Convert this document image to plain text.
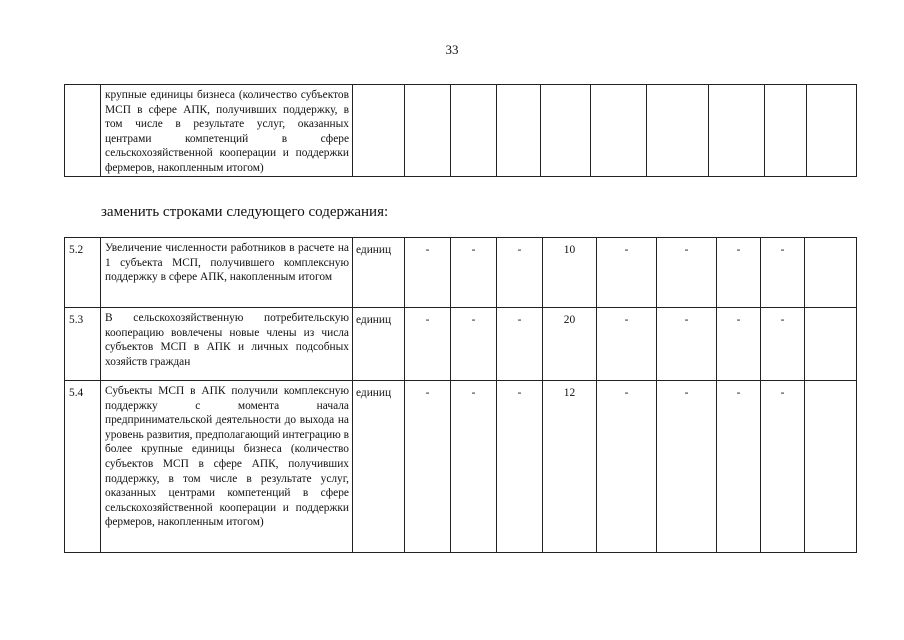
33
	крупные единицы бизнеса (количество субъектов МСП в сфере АПК, получивших поддержку, в том числе в результате услуг, оказанных центрами компетенций в сфере сельскохозяйственной кооперации и поддержки фермеров, накопленным итогом)										
заменить строками следующего содержания:
5.2	Увеличение численности работников в расчете на 1 субъекта МСП, получившего комплексную поддержку в сфере АПК, накопленным итогом	единиц	-	-	-	10	-	-	-	-	
5.3	В сельскохозяйственную потребительскую кооперацию вовлечены новые члены из числа субъектов МСП в АПК и личных подсобных хозяйств граждан	единиц	-	-	-	20	-	-	-	-	
5.4	Субъекты МСП в АПК получили комплексную поддержку с момента начала предпринимательской деятельности до выхода на уровень развития, предполагающий интеграцию в более крупные единицы бизнеса (количество субъектов МСП в сфере АПК, получивших поддержку, в том числе в результате услуг, оказанных центрами компетенций в сфере сельскохозяйственной кооперации и поддержки фермеров, накопленным итогом)	единиц	-	-	-	12	-	-	-	-	
